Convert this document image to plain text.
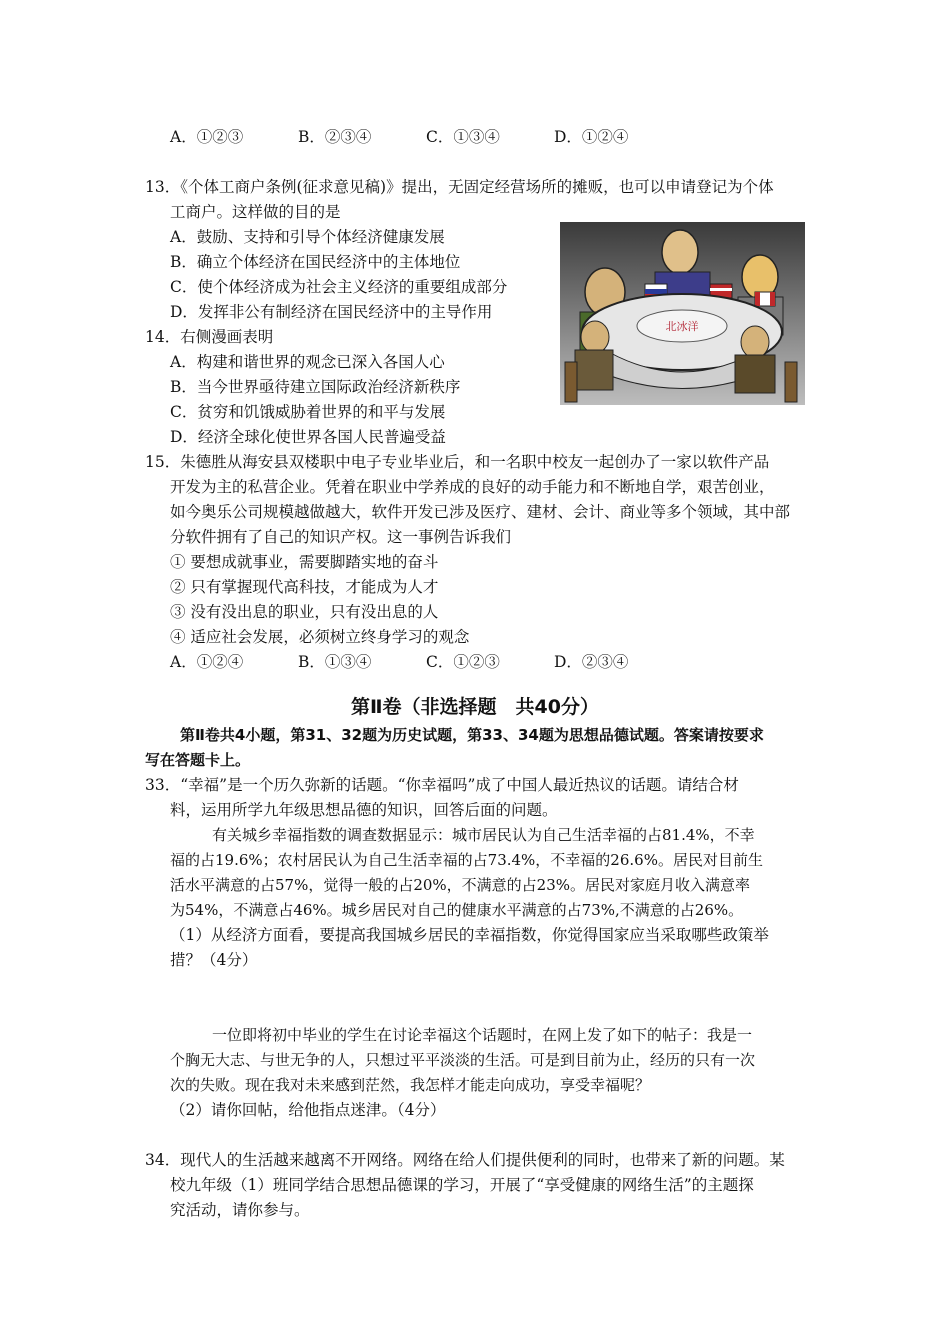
A．①②③	B．②③④	C．①③④	D．①②④
13．《个体工商户条例(征求意见稿)》提出，无固定经营场所的摊贩，也可以申请登记为个体
工商户。这样做的目的是
A．鼓励、支持和引导个体经济健康发展
B．确立个体经济在国民经济中的主体地位
C．使个体经济成为社会主义经济的重要组成部分
D．发挥非公有制经济在国民经济中的主导作用
14．右侧漫画表明
A．构建和谐世界的观念已深入各国人心
B．当今世界亟待建立国际政治经济新秩序
C．贫穷和饥饿威胁着世界的和平与发展
D．经济全球化使世界各国人民普遍受益
北冰洋
15．朱德胜从海安县双楼职中电子专业毕业后，和一名职中校友一起创办了一家以软件产品
开发为主的私营企业。凭着在职业中学养成的良好的动手能力和不断地自学，艰苦创业，
如今奥乐公司规模越做越大，软件开发已涉及医疗、建材、会计、商业等多个领域，其中部
分软件拥有了自己的知识产权。这一事例告诉我们
① 要想成就事业，需要脚踏实地的奋斗
② 只有掌握现代高科技，才能成为人才
③ 没有没出息的职业，只有没出息的人
④ 适应社会发展，必须树立终身学习的观念
A．①②④	B．①③④	C．①②③	D．②③④
第Ⅱ卷（非选择题　共40分）
第Ⅱ卷共4小题，第31、32题为历史试题，第33、34题为思想品德试题。答案请按要求
写在答题卡上。
33．“幸福”是一个历久弥新的话题。“你幸福吗”成了中国人最近热议的话题。请结合材
料，运用所学九年级思想品德的知识，回答后面的问题。
有关城乡幸福指数的调查数据显示：城市居民认为自己生活幸福的占81.4%，不幸
福的占19.6%；农村居民认为自己生活幸福的占73.4%，不幸福的26.6%。居民对目前生
活水平满意的占57%，觉得一般的占20%，不满意的占23%。居民对家庭月收入满意率
为54%，不满意占46%。城乡居民对自己的健康水平满意的占73%,不满意的占26%。
（1）从经济方面看，要提高我国城乡居民的幸福指数，你觉得国家应当采取哪些政策举
措？（4分）
一位即将初中毕业的学生在讨论幸福这个话题时，在网上发了如下的帖子：我是一
个胸无大志、与世无争的人，只想过平平淡淡的生活。可是到目前为止，经历的只有一次
次的失败。现在我对未来感到茫然，我怎样才能走向成功，享受幸福呢？
（2）请你回帖，给他指点迷津。（4分）
34．现代人的生活越来越离不开网络。网络在给人们提供便利的同时，也带来了新的问题。某
校九年级（1）班同学结合思想品德课的学习，开展了“享受健康的网络生活”的主题探
究活动，请你参与。
